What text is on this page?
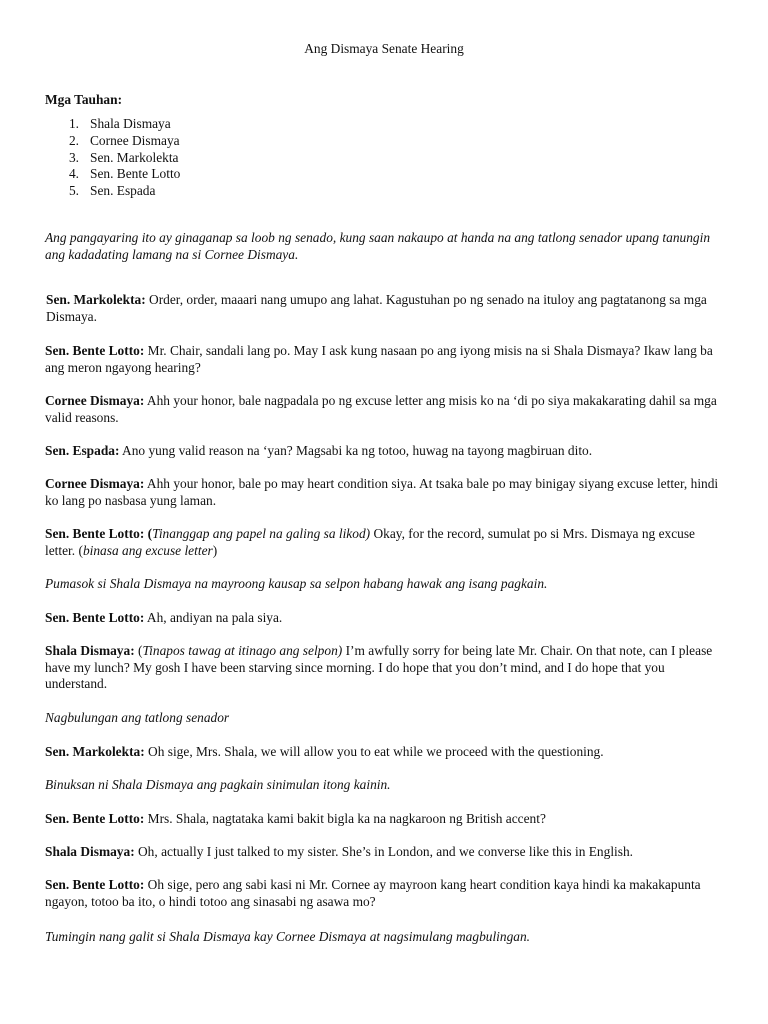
Ang Dismaya Senate Hearing
Mga Tauhan:
1. Shala Dismaya
2. Cornee Dismaya
3. Sen. Markolekta
4. Sen. Bente Lotto
5. Sen. Espada
Ang pangayaring ito ay ginaganap sa loob ng senado, kung saan nakaupo at handa na ang tatlong senador upang tanungin ang kadadating lamang na si Cornee Dismaya.
Sen. Markolekta: Order, order, maaari nang umupo ang lahat. Kagustuhan po ng senado na ituloy ang pagtatanong sa mga Dismaya.
Sen. Bente Lotto: Mr. Chair, sandali lang po. May I ask kung nasaan po ang iyong misis na si Shala Dismaya? Ikaw lang ba ang meron ngayong hearing?
Cornee Dismaya: Ahh your honor, bale nagpadala po ng excuse letter ang misis ko na ‘di po siya makakarating dahil sa mga valid reasons.
Sen. Espada: Ano yung valid reason na ‘yan? Magsabi ka ng totoo, huwag na tayong magbiruan dito.
Cornee Dismaya: Ahh your honor, bale po may heart condition siya. At tsaka bale po may binigay siyang excuse letter, hindi ko lang po nasbasa yung laman.
Sen. Bente Lotto: (Tinanggap ang papel na galing sa likod) Okay, for the record, sumulat po si Mrs. Dismaya ng excuse letter. (binasa ang excuse letter)
Pumasok si Shala Dismaya na mayroong kausap sa selpon habang hawak ang isang pagkain.
Sen. Bente Lotto: Ah, andiyan na pala siya.
Shala Dismaya: (Tinapos tawag at itinago ang selpon) I’m awfully sorry for being late Mr. Chair. On that note, can I please have my lunch? My gosh I have been starving since morning. I do hope that you don’t mind, and I do hope that you understand.
Nagbulungan ang tatlong senador
Sen. Markolekta: Oh sige, Mrs. Shala, we will allow you to eat while we proceed with the questioning.
Binuksan ni Shala Dismaya ang pagkain sinimulan itong kainin.
Sen. Bente Lotto: Mrs. Shala, nagtataka kami bakit bigla ka na nagkaroon ng British accent?
Shala Dismaya: Oh, actually I just talked to my sister. She’s in London, and we converse like this in English.
Sen. Bente Lotto: Oh sige, pero ang sabi kasi ni Mr. Cornee ay mayroon kang heart condition kaya hindi ka makakapunta ngayon, totoo ba ito, o hindi totoo ang sinasabi ng asawa mo?
Tumingin nang galit si Shala Dismaya kay Cornee Dismaya at nagsimulang magbulingan.
